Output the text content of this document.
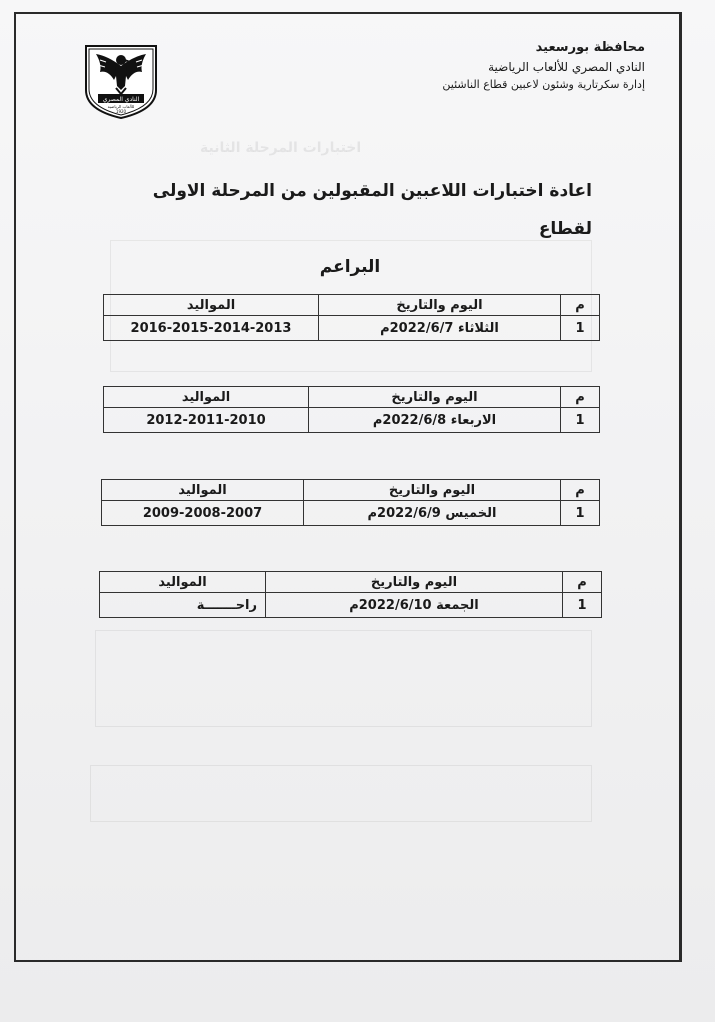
اختبارات المرحلة الثانية
محافظة بورسعيد
النادي المصري للألعاب الرياضية
إدارة سكرتارية وشئون لاعبين قطاع الناشئين
النادي المصري
للألعاب الرياضية
1920
اعادة اختبارات اللاعبين المقبولين من المرحلة الاولى لقطاع
البراعم
م	اليوم والتاريخ	المواليد
1	الثلاثاء 2022/6/7م	2016-2015-2014-2013
م	اليوم والتاريخ	المواليد
1	الاربعاء 2022/6/8م	2012-2011-2010
م	اليوم والتاريخ	المواليد
1	الخميس 2022/6/9م	2009-2008-2007
م	اليوم والتاريخ	المواليد
1	الجمعة 2022/6/10م	راحـــــــة
